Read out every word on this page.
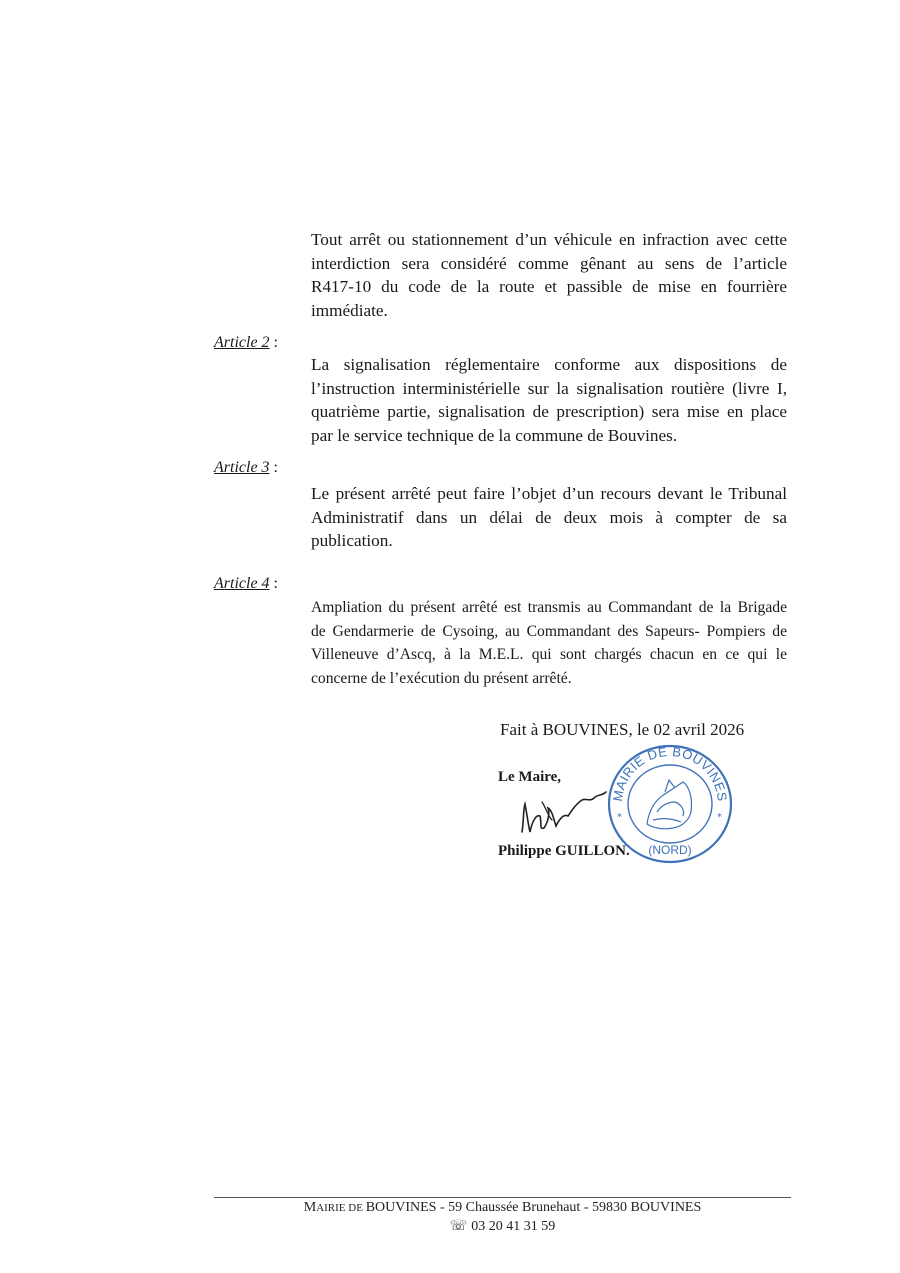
Tout arrêt ou stationnement d’un véhicule en infraction avec cette
interdiction sera considéré comme gênant au sens de l’article
R417-10 du code de la route et passible de mise en fourrière
immédiate.
Article 2 :
La signalisation réglementaire conforme aux dispositions de
l’instruction interministérielle sur la signalisation routière (livre I,
quatrième partie, signalisation de prescription) sera mise en place
par le service technique de la commune de Bouvines.
Article 3 :
Le présent arrêté peut faire l’objet d’un recours devant le Tribunal
Administratif dans un délai de deux mois à compter de sa
publication.
Article 4 :
Ampliation du présent arrêté est transmis au Commandant de la Brigade
de Gendarmerie de Cysoing, au Commandant des Sapeurs- Pompiers de
Villeneuve d’Ascq, à la M.E.L. qui sont chargés chacun en ce qui le
concerne de l’exécution du présent arrêté.
Fait à BOUVINES, le 02 avril 2026
Le Maire,
Philippe GUILLON.
MAIRIE DE BOUVINES
(NORD)
*	*
MAIRIE DE BOUVINES - 59 Chaussée Brunehaut - 59830 BOUVINES
☏ 03 20 41 31 59
